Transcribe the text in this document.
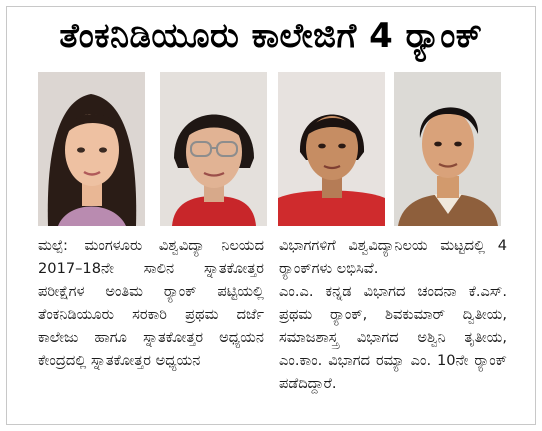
ತೆಂಕನಿಡಿಯೂರು ಕಾಲೇಜಿಗೆ 4 ರ್‍ಯಾಂಕ್

ಮಲ್ಪೆ: ಮಂಗಳೂರು ವಿಶ್ವವಿದ್ಯಾ ನಿಲಯದ 2017–18ನೇ ಸಾಲಿನ ಸ್ನಾತಕೋತ್ತರ ಪರೀಕ್ಷೆಗಳ ಅಂತಿಮ ರ್‍ಯಾಂಕ್ ಪಟ್ಟಿಯಲ್ಲಿ ತೆಂಕನಿಡಿಯೂರು ಸರಕಾರಿ ಪ್ರಥಮ ದರ್ಜೆ ಕಾಲೇಜು ಹಾಗೂ ಸ್ನಾತಕೋತ್ತರ ಅಧ್ಯಯನ ಕೇಂದ್ರದಲ್ಲಿ ಸ್ನಾತಕೋತ್ತರ ಅಧ್ಯಯನ

ವಿಭಾಗಗಳಿಗೆ ವಿಶ್ವವಿದ್ಯಾನಿಲಯ ಮಟ್ಟದಲ್ಲಿ 4 ರ್‍ಯಾಂಕ್‌ಗಳು ಲಭಿಸಿವೆ.

ಎಂ.ಎ. ಕನ್ನಡ ವಿಭಾಗದ ಚಂದನಾ ಕೆ.ಎಸ್. ಪ್ರಥಮ ರ್‍ಯಾಂಕ್, ಶಿವಕುಮಾರ್ ದ್ವಿತೀಯ, ಸಮಾಜಶಾಸ್ತ್ರ ವಿಭಾಗದ ಅಶ್ವಿನಿ ತೃತೀಯ, ಎಂ.ಕಾಂ. ವಿಭಾಗದ ರಮ್ಯಾ ಎಂ. 10ನೇ ರ್‍ಯಾಂಕ್ ಪಡೆದಿದ್ದಾರೆ.
